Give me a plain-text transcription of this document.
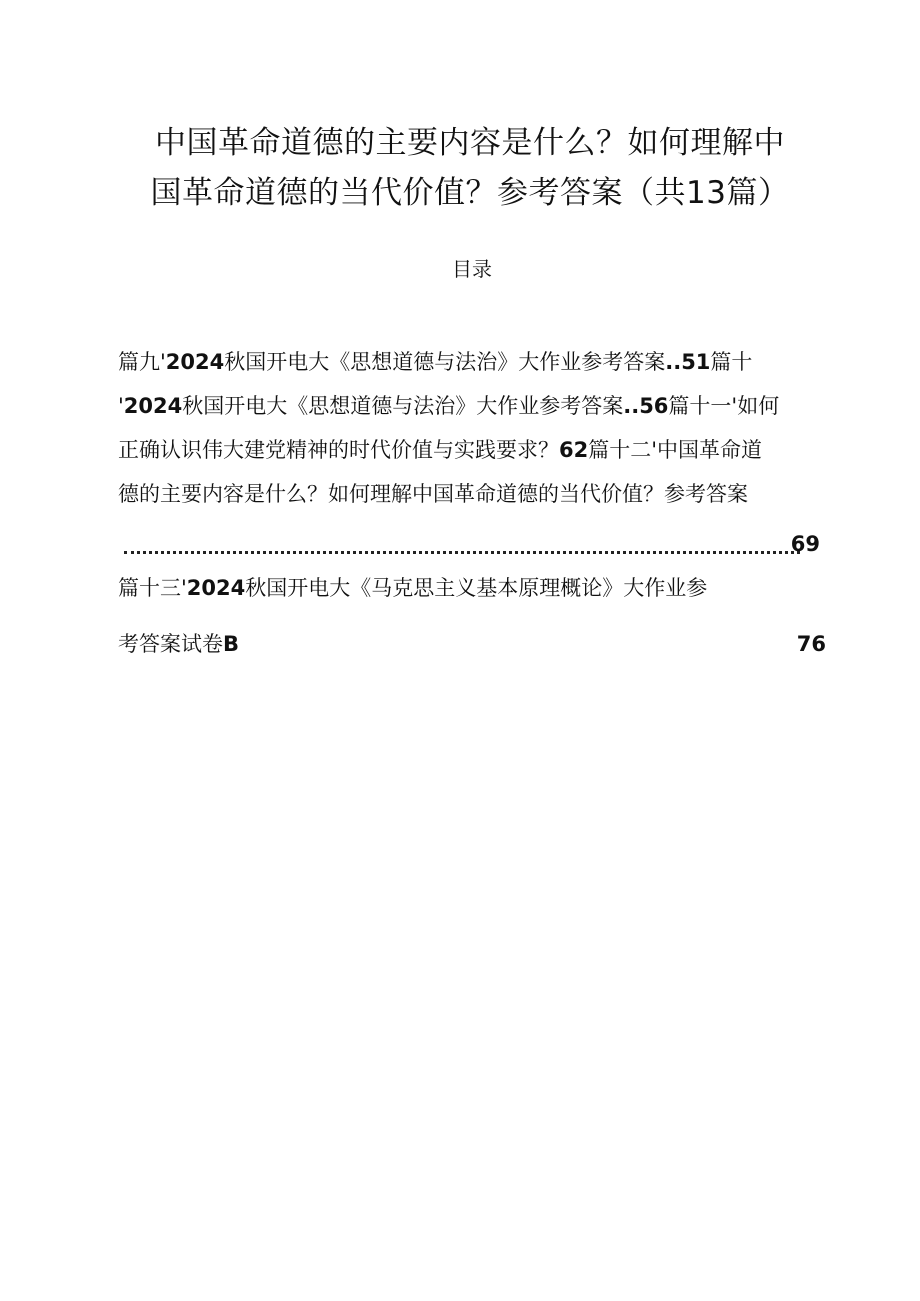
中国革命道德的主要内容是什么？如何理解中
国革命道德的当代价值？参考答案（共13篇）
目录
篇九'2024秋国开电大《思想道德与法治》大作业参考答案..51篇十
'2024秋国开电大《思想道德与法治》大作业参考答案..56篇十一'如何
正确认识伟大建党精神的时代价值与实践要求？62篇十二'中国革命道
德的主要内容是什么？如何理解中国革命道德的当代价值？参考答案
69
篇十三'2024秋国开电大《马克思主义基本原理概论》大作业参
考答案试卷B	76
